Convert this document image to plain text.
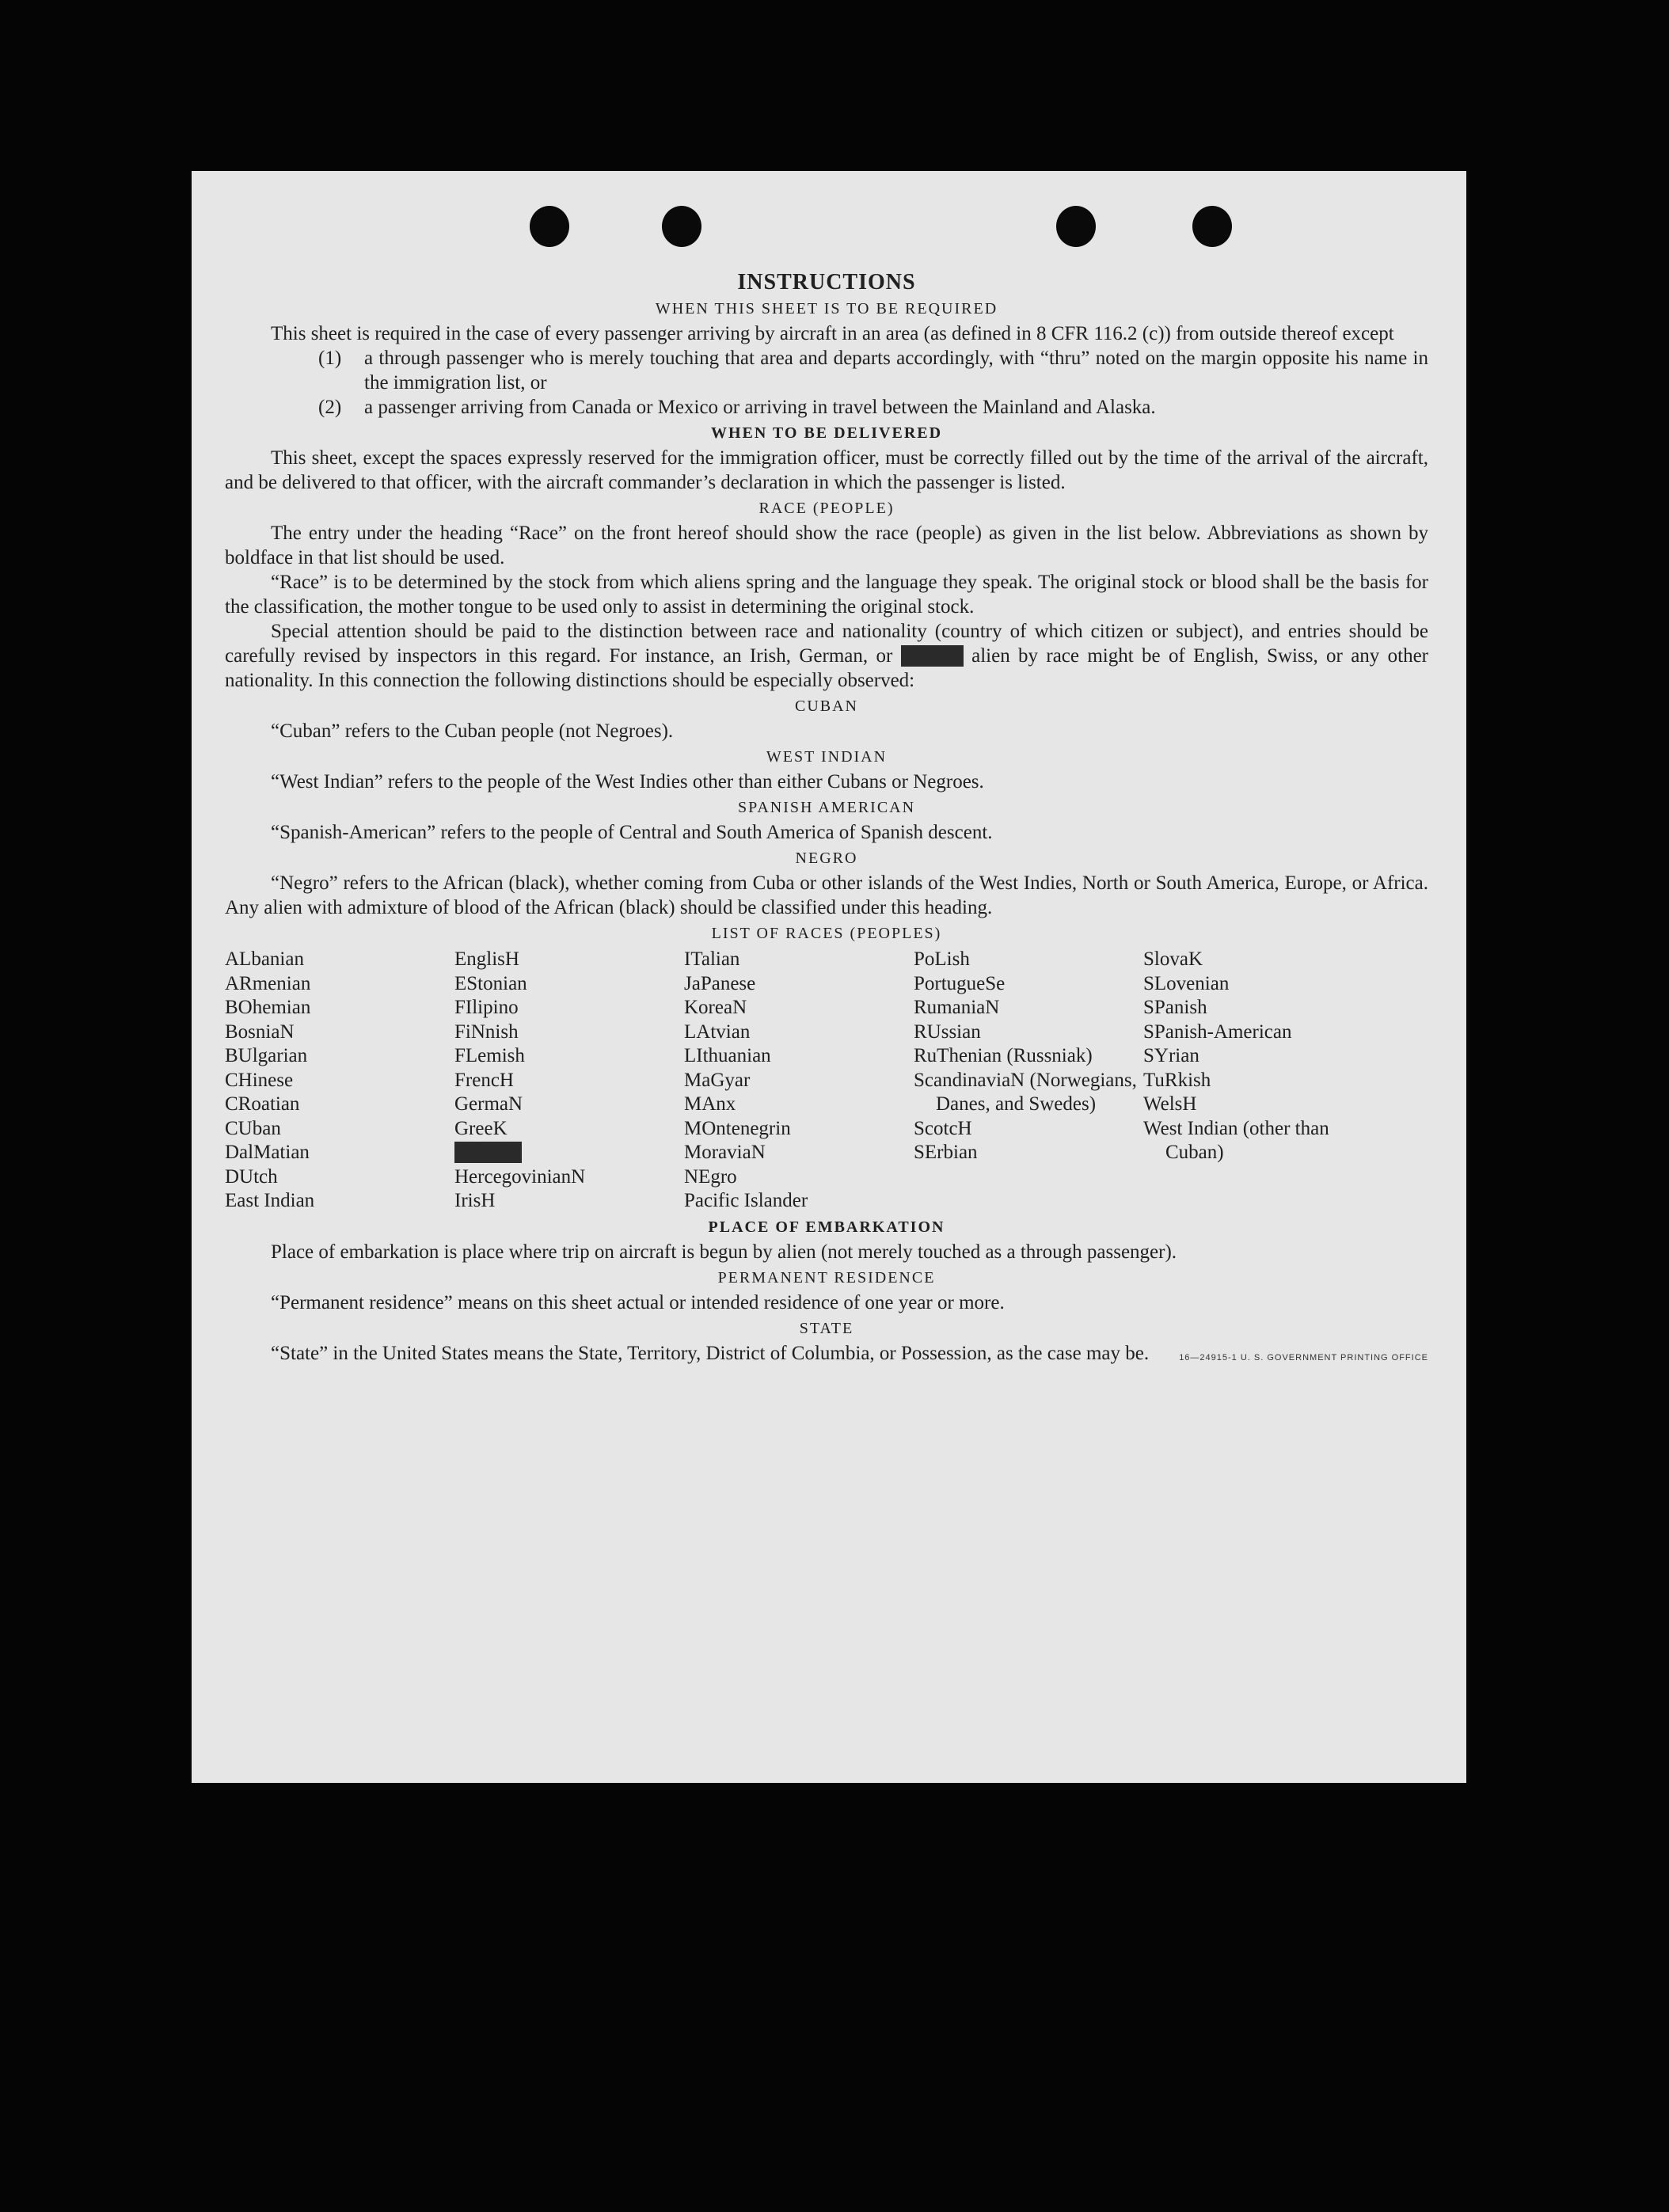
INSTRUCTIONS
WHEN THIS SHEET IS TO BE REQUIRED

This sheet is required in the case of every passenger arriving by aircraft in an area (as defined in 8 CFR 116.2 (c)) from outside thereof except

(1) a through passenger who is merely touching that area and departs accordingly, with “thru” noted on the margin opposite his name in the immigration list, or
(2) a passenger arriving from Canada or Mexico or arriving in travel between the Mainland and Alaska.
WHEN TO BE DELIVERED

This sheet, except the spaces expressly reserved for the immigration officer, must be correctly filled out by the time of the arrival of the aircraft, and be delivered to that officer, with the aircraft commander’s declaration in which the passenger is listed.

RACE (PEOPLE)

The entry under the heading “Race” on the front hereof should show the race (people) as given in the list below. Abbreviations as shown by boldface in that list should be used.

“Race” is to be determined by the stock from which aliens spring and the language they speak. The original stock or blood shall be the basis for the classification, the mother tongue to be used only to assist in determining the original stock.

Special attention should be paid to the distinction between race and nationality (country of which citizen or subject), and entries should be carefully revised by inspectors in this regard. For instance, an Irish, German, or Hebrew alien by race might be of English, Swiss, or any other nationality. In this connection the following distinctions should be especially observed:

CUBAN

“Cuban” refers to the Cuban people (not Negroes).

WEST INDIAN

“West Indian” refers to the people of the West Indies other than either Cubans or Negroes.

SPANISH AMERICAN

“Spanish-American” refers to the people of Central and South America of Spanish descent.

NEGRO

“Negro” refers to the African (black), whether coming from Cuba or other islands of the West Indies, North or South America, Europe, or Africa. Any alien with admixture of blood of the African (black) should be classified under this heading.

LIST OF RACES (PEOPLES)
ALbanian
ARmenian
BOhemian
BosniaN
BUlgarian
CHinese
CRoatian
CUban
DalMatian
DUtch
East Indian
EnglisH
EStonian
FIlipino
FiNnish
FLemish
FrencH
GermaN
GreeK
HebreW
HercegovinianN
IrisH
ITalian
JaPanese
KoreaN
LAtvian
LIthuanian
MaGyar
MAnx
MOntenegrin
MoraviaN
NEgro
Pacific Islander
PoLish
PortugueSe
RumaniaN
RUssian
RuThenian (Russniak)
ScandinaviaN (Norwegians, Danes, and Swedes)
ScotcH
SErbian
SlovaK
SLovenian
SPanish
SPanish-American
SYrian
TuRkish
WelsH
West Indian (other than Cuban)
PLACE OF EMBARKATION

Place of embarkation is place where trip on aircraft is begun by alien (not merely touched as a through passenger).

PERMANENT RESIDENCE

“Permanent residence” means on this sheet actual or intended residence of one year or more.

STATE

“State” in the United States means the State, Territory, District of Columbia, or Possession, as the case may be.	16—24915-1 U. S. GOVERNMENT PRINTING OFFICE
